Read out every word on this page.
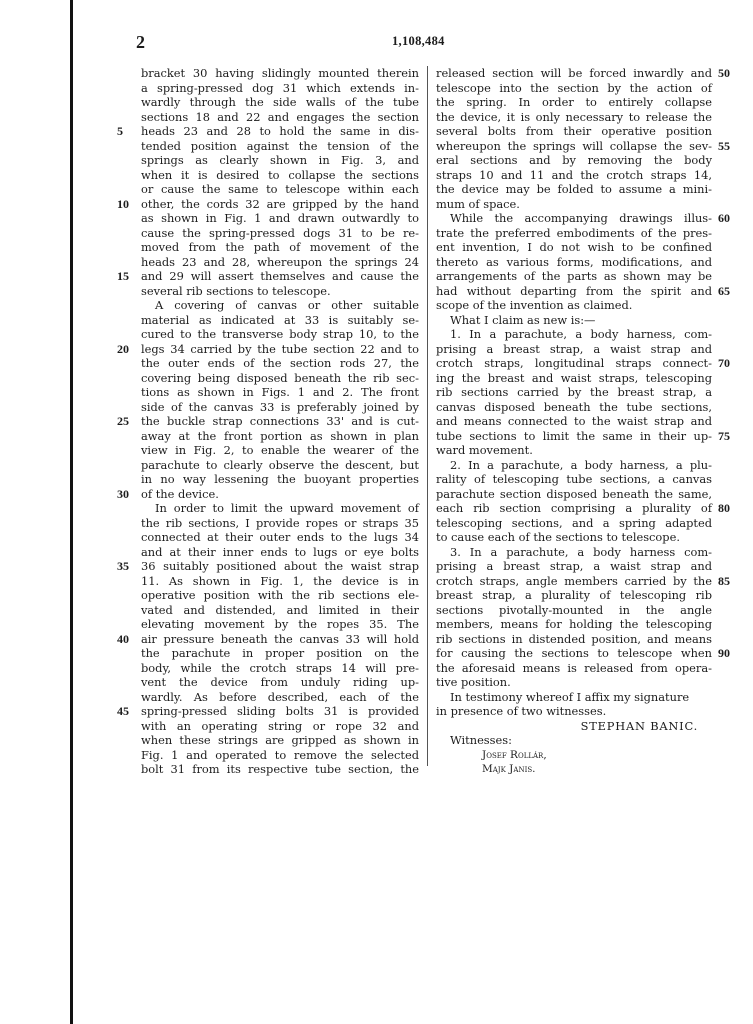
2	1,108,484
bracket 30 having slidingly mounted therein
a spring-pressed dog 31 which extends in-
wardly through the side walls of the tube
sections 18 and 22 and engages the section
heads 23 and 28 to hold the same in dis-
tended position against the tension of the
springs as clearly shown in Fig. 3, and
when it is desired to collapse the sections
or cause the same to telescope within each
other, the cords 32 are gripped by the hand
as shown in Fig. 1 and drawn outwardly to
cause the spring-pressed dogs 31 to be re-
moved from the path of movement of the
heads 23 and 28, whereupon the springs 24
and 29 will assert themselves and cause the
several rib sections to telescope.
A covering of canvas or other suitable
material as indicated at 33 is suitably se-
cured to the transverse body strap 10, to the
legs 34 carried by the tube section 22 and to
the outer ends of the section rods 27, the
covering being disposed beneath the rib sec-
tions as shown in Figs. 1 and 2. The front
side of the canvas 33 is preferably joined by
the buckle strap connections 33' and is cut-
away at the front portion as shown in plan
view in Fig. 2, to enable the wearer of the
parachute to clearly observe the descent, but
in no way lessening the buoyant properties
of the device.
In order to limit the upward movement of
the rib sections, I provide ropes or straps 35
connected at their outer ends to the lugs 34
and at their inner ends to lugs or eye bolts
36 suitably positioned about the waist strap
11. As shown in Fig. 1, the device is in
operative position with the rib sections ele-
vated and distended, and limited in their
elevating movement by the ropes 35. The
air pressure beneath the canvas 33 will hold
the parachute in proper position on the
body, while the crotch straps 14 will pre-
vent the device from unduly riding up-
wardly. As before described, each of the
spring-pressed sliding bolts 31 is provided
with an operating string or rope 32 and
when these strings are gripped as shown in
Fig. 1 and operated to remove the selected
bolt 31 from its respective tube section, the
released section will be forced inwardly and
telescope into the section by the action of
the spring. In order to entirely collapse
the device, it is only necessary to release the
several bolts from their operative position
whereupon the springs will collapse the sev-
eral sections and by removing the body
straps 10 and 11 and the crotch straps 14,
the device may be folded to assume a mini-
mum of space.
While the accompanying drawings illus-
trate the preferred embodiments of the pres-
ent invention, I do not wish to be confined
thereto as various forms, modifications, and
arrangements of the parts as shown may be
had without departing from the spirit and
scope of the invention as claimed.
What I claim as new is:—
1. In a parachute, a body harness, com-
prising a breast strap, a waist strap and
crotch straps, longitudinal straps connect-
ing the breast and waist straps, telescoping
rib sections carried by the breast strap, a
canvas disposed beneath the tube sections,
and means connected to the waist strap and
tube sections to limit the same in their up-
ward movement.
2. In a parachute, a body harness, a plu-
rality of telescoping tube sections, a canvas
parachute section disposed beneath the same,
each rib section comprising a plurality of
telescoping sections, and a spring adapted
to cause each of the sections to telescope.
3. In a parachute, a body harness com-
prising a breast strap, a waist strap and
crotch straps, angle members carried by the
breast strap, a plurality of telescoping rib
sections pivotally-mounted in the angle
members, means for holding the telescoping
rib sections in distended position, and means
for causing the sections to telescope when
the aforesaid means is released from opera-
tive position.
In testimony whereof I affix my signature
in presence of two witnesses.
STEPHAN BANIC.
Witnesses:
Josef Rollár,
Majk Janis.
5
10
15
20
25
30
35
40
45
50
55
60
65
70
75
80
85
90
